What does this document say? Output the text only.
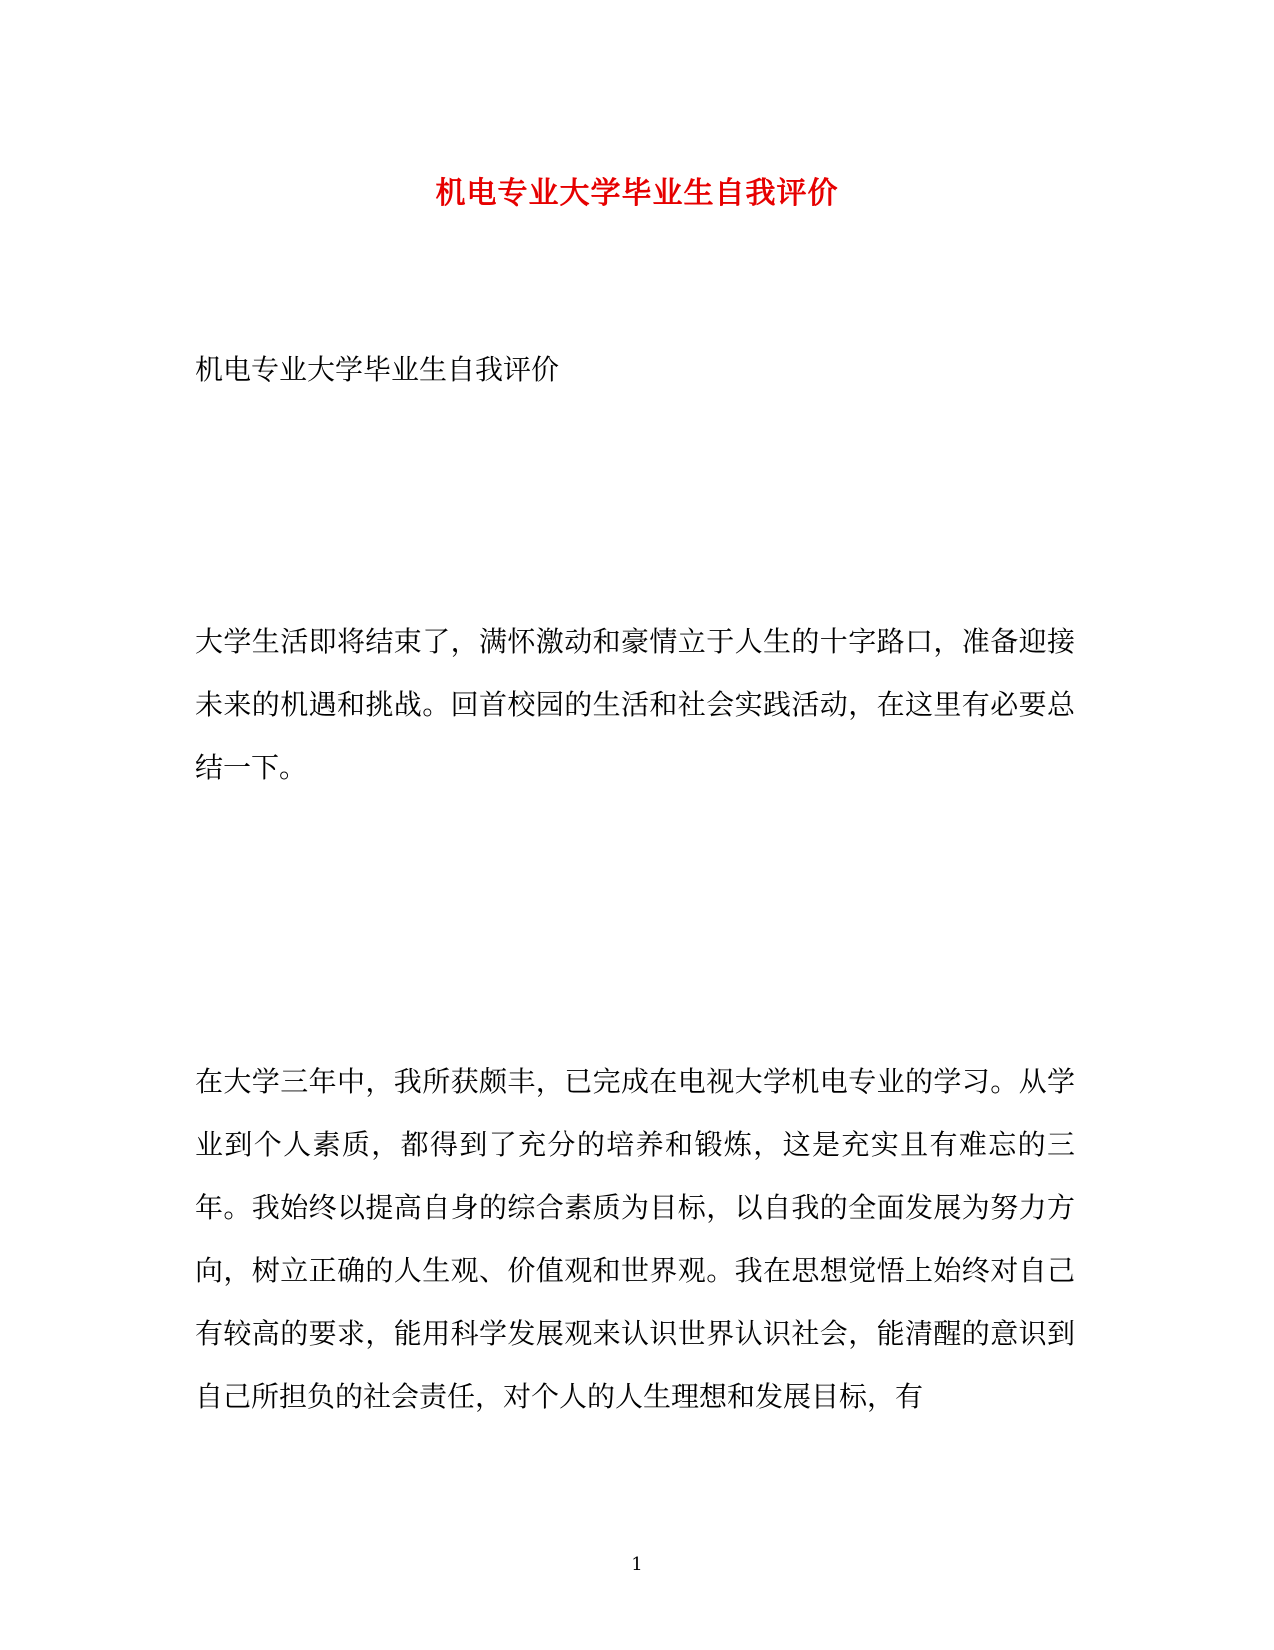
机电专业大学毕业生自我评价
机电专业大学毕业生自我评价
大学生活即将结束了，满怀激动和豪情立于人生的十字路口，准备迎接未来的机遇和挑战。回首校园的生活和社会实践活动，在这里有必要总结一下。
在大学三年中，我所获颇丰，已完成在电视大学机电专业的学习。从学业到个人素质，都得到了充分的培养和锻炼，这是充实且有难忘的三年。我始终以提高自身的综合素质为目标，以自我的全面发展为努力方向，树立正确的人生观、价值观和世界观。我在思想觉悟上始终对自己有较高的要求，能用科学发展观来认识世界认识社会，能清醒的意识到自己所担负的社会责任，对个人的人生理想和发展目标，有
1
